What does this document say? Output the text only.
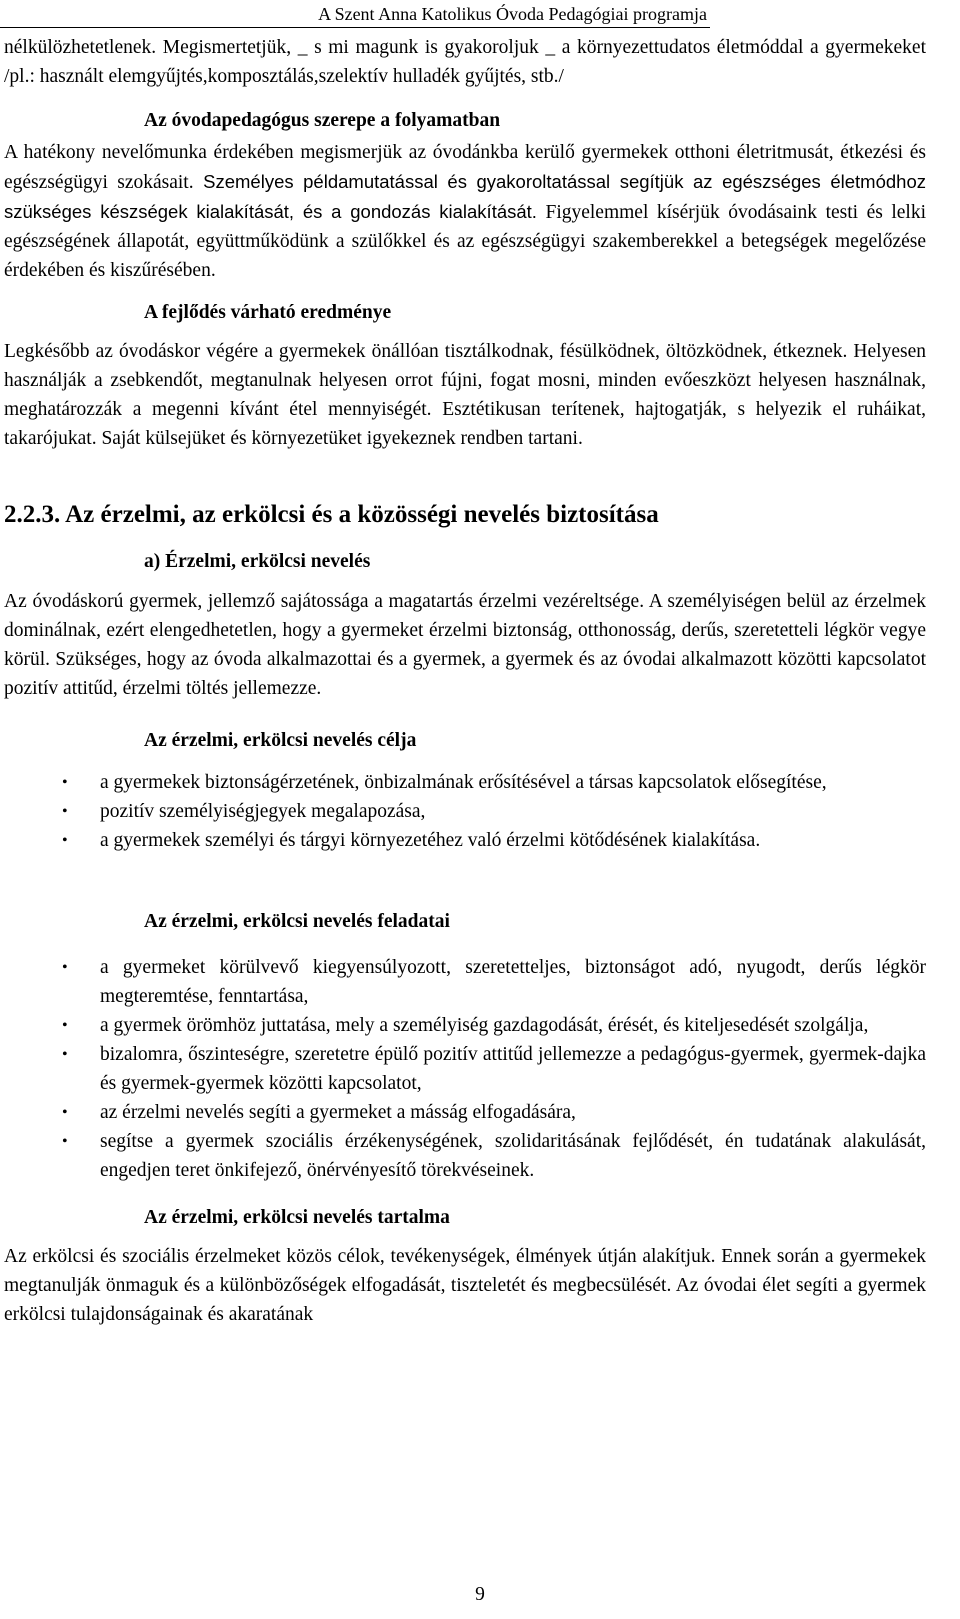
A Szent Anna Katolikus Óvoda Pedagógiai programja

nélkülözhetetlenek. Megismertetjük, _ s mi magunk is gyakoroljuk _ a környezettudatos életmóddal a gyermekeket /pl.: használt elemgyűjtés,komposztálás,szelektív hulladék gyűjtés, stb./

Az óvodapedagógus szerepe a folyamatban

A hatékony nevelőmunka érdekében megismerjük az óvodánkba kerülő gyermekek otthoni életritmusát, étkezési és egészségügyi szokásait. Személyes példamutatással és gyakoroltatással segítjük az egészséges életmódhoz szükséges készségek kialakítását, és a gondozás kialakítását. Figyelemmel kísérjük óvodásaink testi és lelki egészségének állapotát, együttműködünk a szülőkkel és az egészségügyi szakemberekkel a betegségek megelőzése érdekében és kiszűrésében.

A fejlődés várható eredménye

Legkésőbb az óvodáskor végére a gyermekek önállóan tisztálkodnak, fésülködnek, öltözködnek, étkeznek. Helyesen használják a zsebkendőt, megtanulnak helyesen orrot fújni, fogat mosni, minden evőeszközt helyesen használnak, meghatározzák a megenni kívánt étel mennyiségét. Esztétikusan terítenek, hajtogatják, s helyezik el ruháikat, takarójukat. Saját külsejüket és környezetüket igyekeznek rendben tartani.

2.2.3. Az érzelmi, az erkölcsi és a közösségi nevelés biztosítása

a) Érzelmi, erkölcsi nevelés

Az óvodáskorú gyermek, jellemző sajátossága a magatartás érzelmi vezéreltsége. A személyiségen belül az érzelmek dominálnak, ezért elengedhetetlen, hogy a gyermeket érzelmi biztonság, otthonosság, derűs, szeretetteli légkör vegye körül. Szükséges, hogy az óvoda alkalmazottai és a gyermek, a gyermek és az óvodai alkalmazott közötti kapcsolatot pozitív attitűd, érzelmi töltés jellemezze.

Az érzelmi, erkölcsi nevelés célja

• a gyermekek biztonságérzetének, önbizalmának erősítésével a társas kapcsolatok elősegítése,
• pozitív személyiségjegyek megalapozása,
• a gyermekek személyi és tárgyi környezetéhez való érzelmi kötődésének kialakítása.

Az érzelmi, erkölcsi nevelés feladatai

• a gyermeket körülvevő kiegyensúlyozott, szeretetteljes, biztonságot adó, nyugodt, derűs légkör megteremtése, fenntartása,
• a gyermek örömhöz juttatása, mely a személyiség gazdagodását, érését, és kiteljesedését szolgálja,
• bizalomra, őszinteségre, szeretetre épülő pozitív attitűd jellemezze a pedagógus-gyermek, gyermek-dajka és gyermek-gyermek közötti kapcsolatot,
• az érzelmi nevelés segíti a gyermeket a másság elfogadására,
• segítse a gyermek szociális érzékenységének, szolidaritásának fejlődését, én tudatának alakulását, engedjen teret önkifejező, önérvényesítő törekvéseinek.

Az érzelmi, erkölcsi nevelés tartalma

Az erkölcsi és szociális érzelmeket közös célok, tevékenységek, élmények útján alakítjuk. Ennek során a gyermekek megtanulják önmaguk és a különbözőségek elfogadását, tiszteletét és megbecsülését. Az óvodai élet segíti a gyermek erkölcsi tulajdonságainak és akaratának

9
